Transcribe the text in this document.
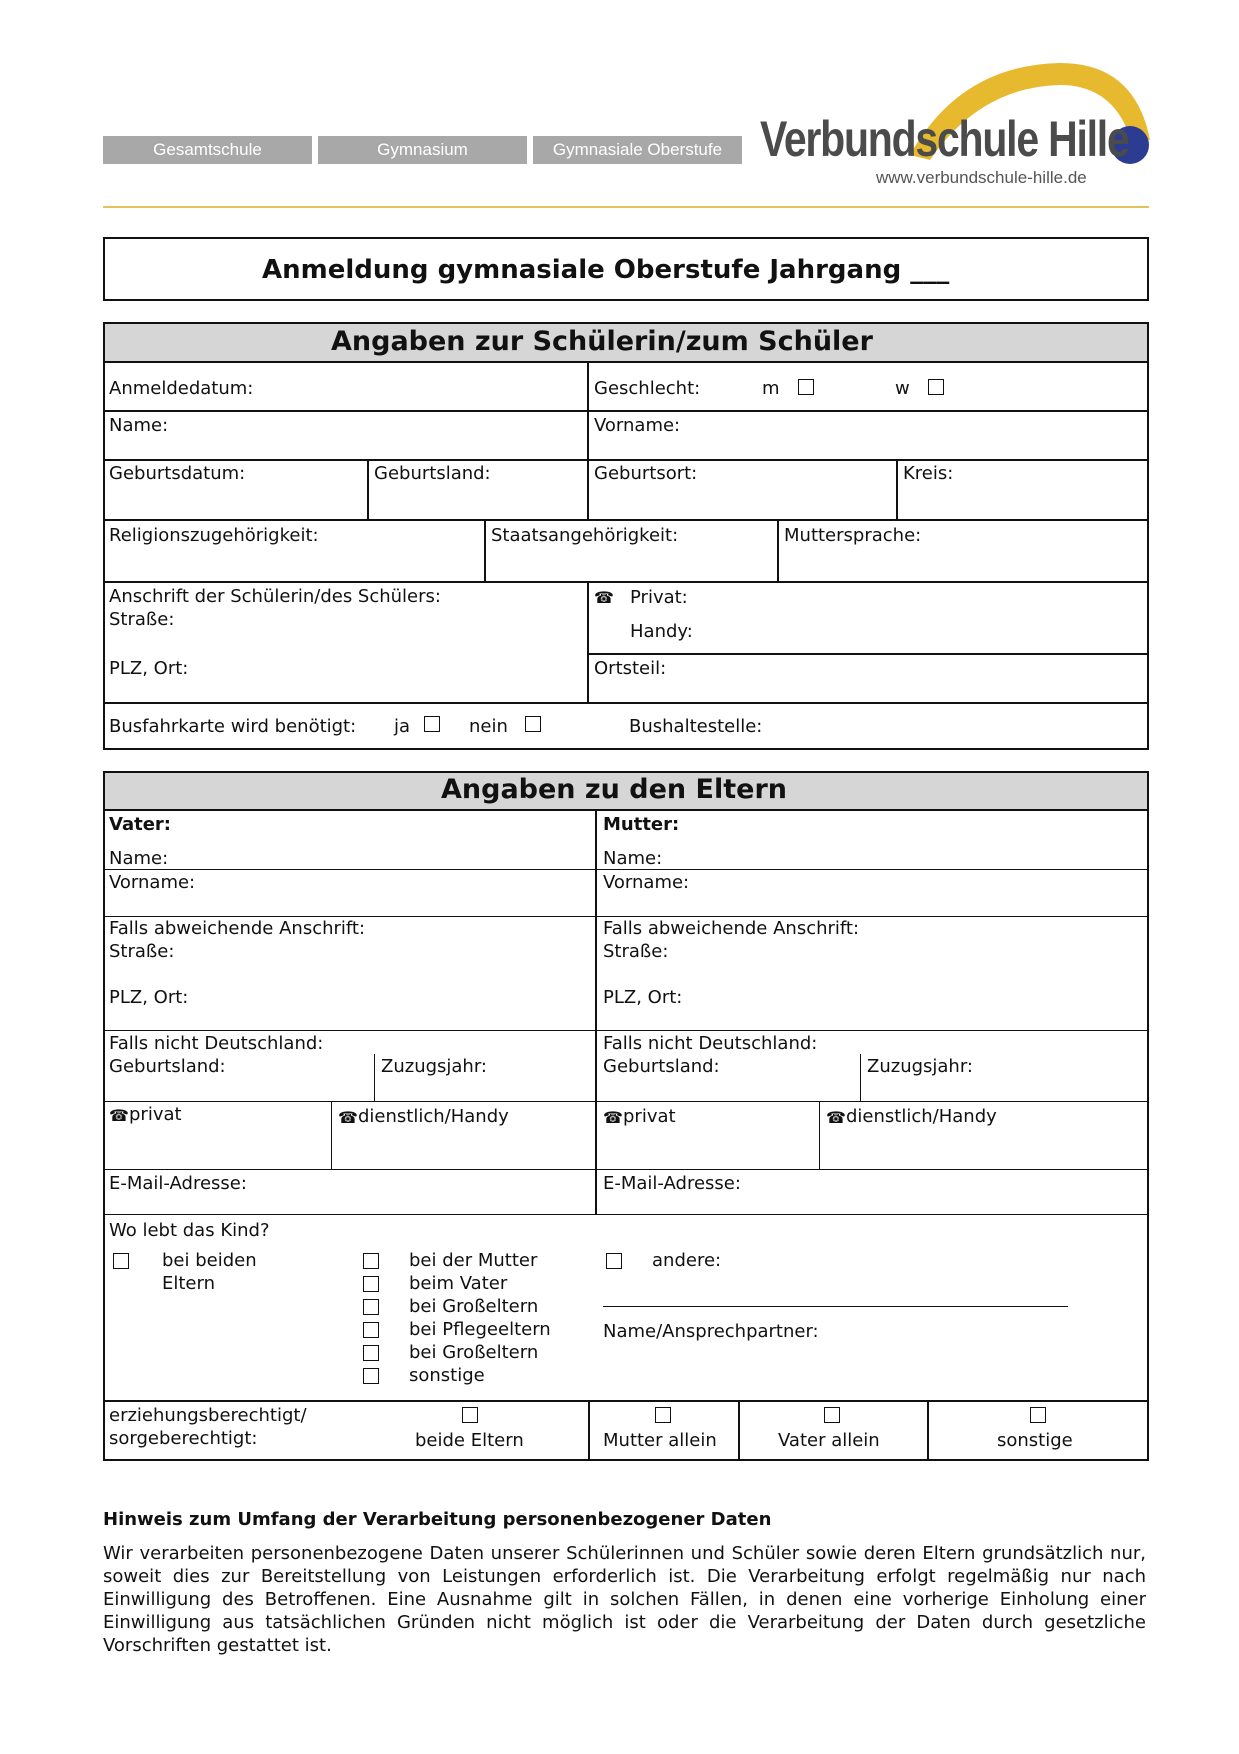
Gesamtschule	Gymnasium	Gymnasiale Oberstufe Verbundschule Hille
www.verbundschule-hille.de
Anmeldung gymnasiale Oberstufe Jahrgang ___
Angaben zur Schülerin/zum Schüler
Anmeldedatum:	Geschlecht:	m	w
Name:	Vorname:
Geburtsdatum:	Geburtsland:	Geburtsort:	Kreis:
Religionszugehörigkeit:	Staatsangehörigkeit:	Muttersprache:
Anschrift der Schülerin/des Schülers:
Straße:
PLZ, Ort:
☎ Privat:
Handy:
Ortsteil:
Busfahrkarte wird benötigt: ja	nein	Bushaltestelle:
Angaben zu den Eltern
Vater:	Mutter:
Name:	Name:
Vorname:	Vorname:
Falls abweichende Anschrift:
Straße:
PLZ, Ort:
Falls abweichende Anschrift:
Straße:
PLZ, Ort:
Falls nicht Deutschland:
Geburtsland:	Zuzugsjahr:
Falls nicht Deutschland:
Geburtsland:	Zuzugsjahr:
☎ privat	☎ dienstlich/Handy	☎ privat	☎ dienstlich/Handy
E-Mail-Adresse:	E-Mail-Adresse:
Wo lebt das Kind?
bei beiden
Eltern
bei der Mutter
beim Vater
bei Großeltern
bei Pflegeeltern
bei Großeltern
sonstige
andere:
Name/Ansprechpartner:
erziehungsberechtigt/
sorgeberechtigt:	beide Eltern	Mutter allein	Vater allein	sonstige
Hinweis zum Umfang der Verarbeitung personenbezogener Daten
Wir verarbeiten personenbezogene Daten unserer Schülerinnen und Schüler sowie deren Eltern grundsätzlich nur, soweit dies zur Bereitstellung von Leistungen erforderlich ist. Die Verarbeitung erfolgt regelmäßig nur nach Einwilligung des Betroffenen. Eine Ausnahme gilt in solchen Fällen, in denen eine vorherige Einholung einer Einwilligung aus tatsächlichen Gründen nicht möglich ist oder die Verarbeitung der Daten durch gesetzliche Vorschriften gestattet ist.
